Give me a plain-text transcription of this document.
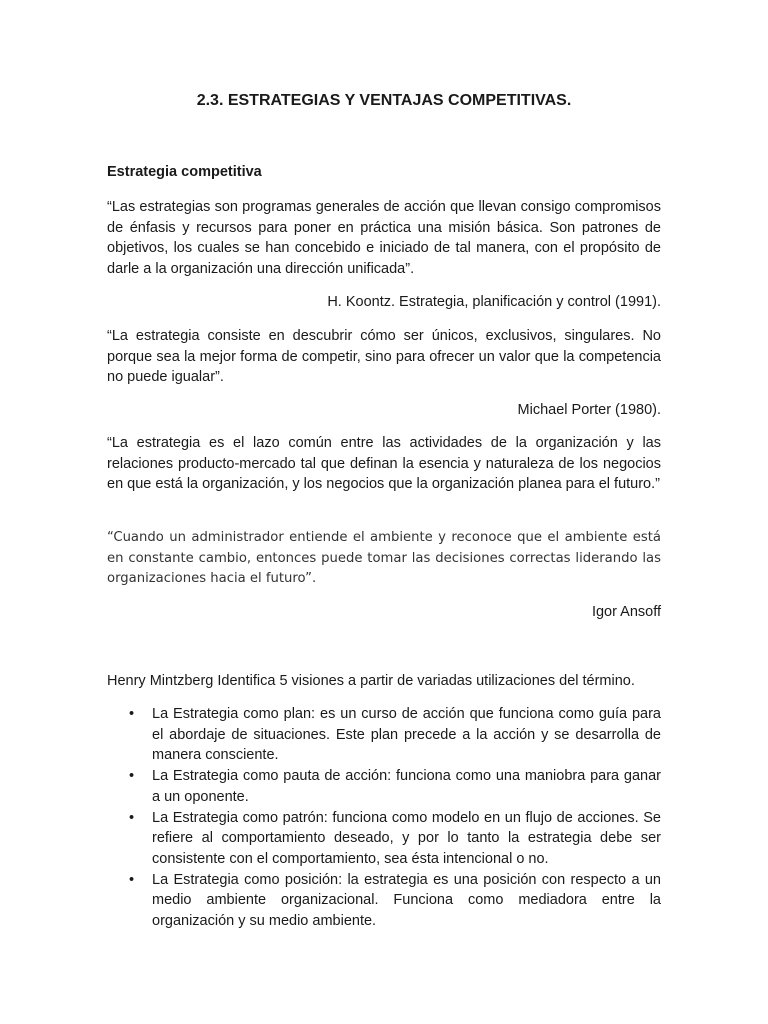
2.3. ESTRATEGIAS Y VENTAJAS COMPETITIVAS.
Estrategia competitiva

“Las estrategias son programas generales de acción que llevan consigo compromisos de énfasis y recursos para poner en práctica una misión básica. Son patrones de objetivos, los cuales se han concebido e iniciado de tal manera, con el propósito de darle a la organización una dirección unificada”.

H. Koontz. Estrategia, planificación y control (1991).

“La estrategia consiste en descubrir cómo ser únicos, exclusivos, singulares. No porque sea la mejor forma de competir, sino para ofrecer un valor que la competencia no puede igualar”.

Michael Porter (1980).

“La estrategia es el lazo común entre las actividades de la organización y las relaciones producto-mercado tal que definan la esencia y naturaleza de los negocios en que está la organización, y los negocios que la organización planea para el futuro.”

“Cuando un administrador entiende el ambiente y reconoce que el ambiente está en constante cambio, entonces puede tomar las decisiones correctas liderando las organizaciones hacia el futuro”.

Igor Ansoff

Henry Mintzberg Identifica 5 visiones a partir de variadas utilizaciones del término.

• La Estrategia como plan: es un curso de acción que funciona como guía para el abordaje de situaciones. Este plan precede a la acción y se desarrolla de manera consciente.
• La Estrategia como pauta de acción: funciona como una maniobra para ganar a un oponente.
• La Estrategia como patrón: funciona como modelo en un flujo de acciones. Se refiere al comportamiento deseado, y por lo tanto la estrategia debe ser consistente con el comportamiento, sea ésta intencional o no.
• La Estrategia como posición: la estrategia es una posición con respecto a un medio ambiente organizacional. Funciona como mediadora entre la organización y su medio ambiente.
